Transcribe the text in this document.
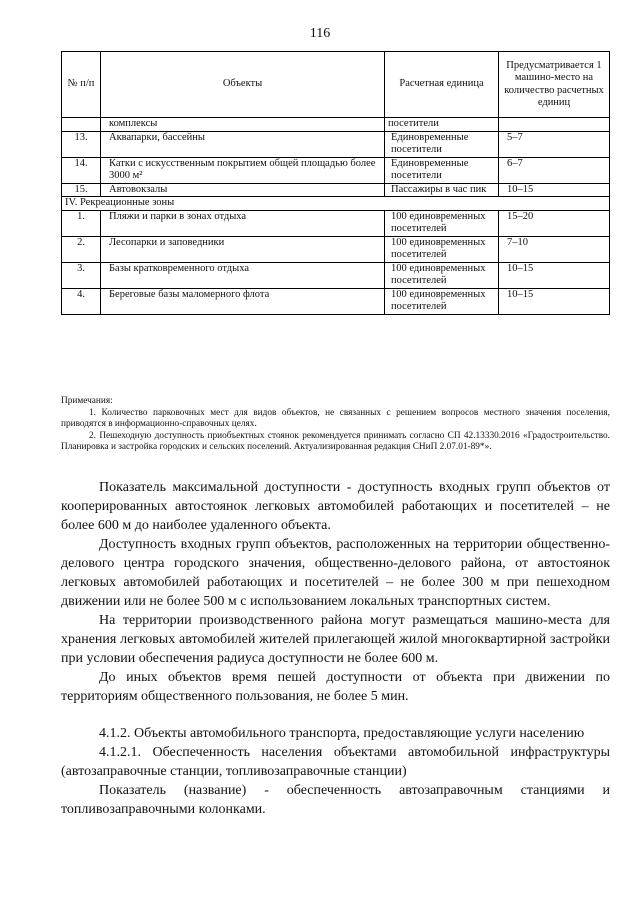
116
№ п/п	Объекты	Расчетная единица	Предусматривается 1 машино-место на количество расчетных единиц
	комплексы	посетители	
13.	Аквапарки, бассейны	Единовременные посетители	5–7
14.	Катки с искусственным покрытием общей площадью более 3000 м²	Единовременные посетители	6–7
15.	Автовокзалы	Пассажиры в час пик	10–15
IV. Рекреационные зоны			
1.	Пляжи и парки в зонах отдыха	100 единовременных посетителей	15–20
2.	Лесопарки и заповедники	100 единовременных посетителей	7–10
3.	Базы кратковременного отдыха	100 единовременных посетителей	10–15
4.	Береговые базы маломерного флота	100 единовременных посетителей	10–15

Примечания:

1. Количество парковочных мест для видов объектов, не связанных с решением вопросов местного значения поселения, приводятся в информационно-справочных целях.

2. Пешеходную доступность приобъектных стоянок рекомендуется принимать согласно СП 42.13330.2016 «Градостроительство. Планировка и застройка городских и сельских поселений. Актуализированная редакция СНиП 2.07.01-89*».

Показатель максимальной доступности - доступность входных групп объектов от кооперированных автостоянок легковых автомобилей работающих и посетителей – не более 600 м до наиболее удаленного объекта.

Доступность входных групп объектов, расположенных на территории общественно-делового центра городского значения, общественно-делового района, от автостоянок легковых автомобилей работающих и посетителей – не более 300 м при пешеходном движении или не более 500 м с использованием локальных транспортных систем.

На территории производственного района могут размещаться машино-места для хранения легковых автомобилей жителей прилегающей жилой многоквартирной застройки при условии обеспечения радиуса доступности не более 600 м.

До иных объектов время пешей доступности от объекта при движении по территориям общественного пользования, не более 5 мин.

4.1.2. Объекты автомобильного транспорта, предоставляющие услуги населению

4.1.2.1. Обеспеченность населения объектами автомобильной инфраструктуры (автозаправочные станции, топливозаправочные станции)

Показатель (название) - обеспеченность автозаправочным станциями и топливозаправочными колонками.
